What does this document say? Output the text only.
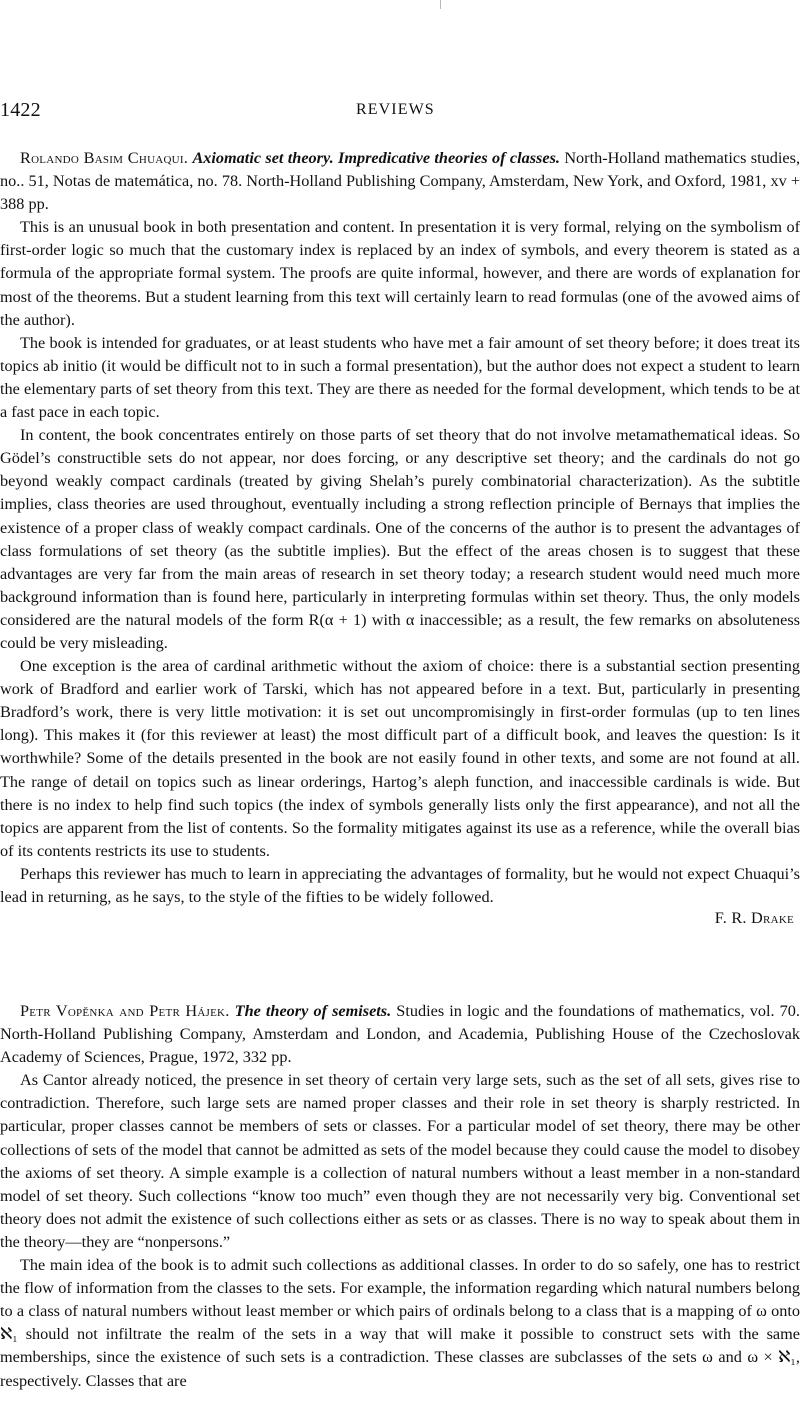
1422	REVIEWS

Rolando Basim Chuaqui. Axiomatic set theory. Impredicative theories of classes. North-Holland mathematics studies, no.. 51, Notas de matemática, no. 78. North-Holland Publishing Company, Amsterdam, New York, and Oxford, 1981, xv + 388 pp.

This is an unusual book in both presentation and content. In presentation it is very formal, relying on the symbolism of first-order logic so much that the customary index is replaced by an index of symbols, and every theorem is stated as a formula of the appropriate formal system. The proofs are quite informal, however, and there are words of explanation for most of the theorems. But a student learning from this text will certainly learn to read formulas (one of the avowed aims of the author).

The book is intended for graduates, or at least students who have met a fair amount of set theory before; it does treat its topics ab initio (it would be difficult not to in such a formal presentation), but the author does not expect a student to learn the elementary parts of set theory from this text. They are there as needed for the formal development, which tends to be at a fast pace in each topic.

In content, the book concentrates entirely on those parts of set theory that do not involve metamathematical ideas. So Gödel’s constructible sets do not appear, nor does forcing, or any descriptive set theory; and the cardinals do not go beyond weakly compact cardinals (treated by giving Shelah’s purely combinatorial characterization). As the subtitle implies, class theories are used throughout, eventually including a strong reflection principle of Bernays that implies the existence of a proper class of weakly compact cardinals. One of the concerns of the author is to present the advantages of class formulations of set theory (as the subtitle implies). But the effect of the areas chosen is to suggest that these advantages are very far from the main areas of research in set theory today; a research student would need much more background information than is found here, particularly in interpreting formulas within set theory. Thus, the only models considered are the natural models of the form R(α + 1) with α inaccessible; as a result, the few remarks on absoluteness could be very misleading.

One exception is the area of cardinal arithmetic without the axiom of choice: there is a substantial section presenting work of Bradford and earlier work of Tarski, which has not appeared before in a text. But, particularly in presenting Bradford’s work, there is very little motivation: it is set out uncompromisingly in first-order formulas (up to ten lines long). This makes it (for this reviewer at least) the most difficult part of a difficult book, and leaves the question: Is it worthwhile? Some of the details presented in the book are not easily found in other texts, and some are not found at all. The range of detail on topics such as linear orderings, Hartog’s aleph function, and inaccessible cardinals is wide. But there is no index to help find such topics (the index of symbols generally lists only the first appearance), and not all the topics are apparent from the list of contents. So the formality mitigates against its use as a reference, while the overall bias of its contents restricts its use to students.

Perhaps this reviewer has much to learn in appreciating the advantages of formality, but he would not expect Chuaqui’s lead in returning, as he says, to the style of the fifties to be widely followed.

F. R. Drake

Petr Vopěnka and Petr Hájek. The theory of semisets. Studies in logic and the foundations of mathematics, vol. 70. North-Holland Publishing Company, Amsterdam and London, and Academia, Publishing House of the Czechoslovak Academy of Sciences, Prague, 1972, 332 pp.

As Cantor already noticed, the presence in set theory of certain very large sets, such as the set of all sets, gives rise to contradiction. Therefore, such large sets are named proper classes and their role in set theory is sharply restricted. In particular, proper classes cannot be members of sets or classes. For a particular model of set theory, there may be other collections of sets of the model that cannot be admitted as sets of the model because they could cause the model to disobey the axioms of set theory. A simple example is a collection of natural numbers without a least member in a non-standard model of set theory. Such collections “know too much” even though they are not necessarily very big. Conventional set theory does not admit the existence of such collections either as sets or as classes. There is no way to speak about them in the theory—they are “nonpersons.”

The main idea of the book is to admit such collections as additional classes. In order to do so safely, one has to restrict the flow of information from the classes to the sets. For example, the information regarding which natural numbers belong to a class of natural numbers without least member or which pairs of ordinals belong to a class that is a mapping of ω onto ℵ₁ should not infiltrate the realm of the sets in a way that will make it possible to construct sets with the same memberships, since the existence of such sets is a contradiction. These classes are subclasses of the sets ω and ω × ℵ₁, respectively. Classes that are
